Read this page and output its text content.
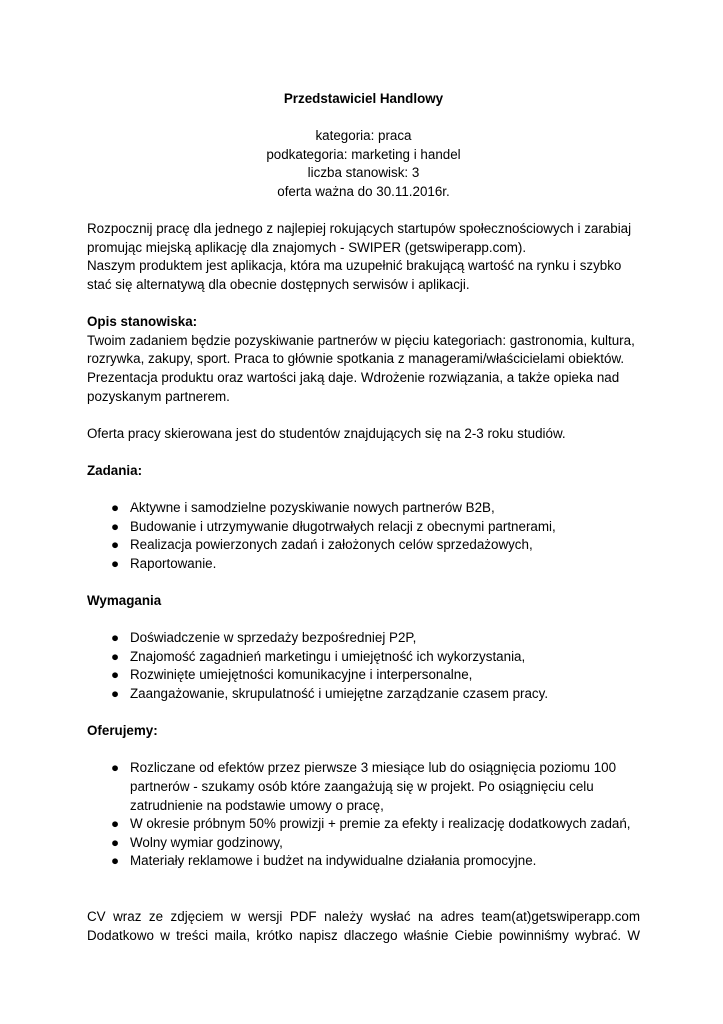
Przedstawiciel Handlowy

kategoria: praca
podkategoria: marketing i handel
liczba stanowisk: 3
oferta ważna do 30.11.2016r.

Rozpocznij pracę dla jednego z najlepiej rokujących startupów społecznościowych i zarabiaj

promując miejską aplikację dla znajomych - SWIPER (getswiperapp.com).

Naszym produktem jest aplikacja, która ma uzupełnić brakującą wartość na rynku i szybko

stać się alternatywą dla obecnie dostępnych serwisów i aplikacji.

Opis stanowiska:

Twoim zadaniem będzie pozyskiwanie partnerów w pięciu kategoriach: gastronomia, kultura,

rozrywka, zakupy, sport. Praca to głównie spotkania z managerami/właścicielami obiektów.

Prezentacja produktu oraz wartości jaką daje. Wdrożenie rozwiązania, a także opieka nad

pozyskanym partnerem.

Oferta pracy skierowana jest do studentów znajdujących się na 2-3 roku studiów.

Zadania:

● Aktywne i samodzielne pozyskiwanie nowych partnerów B2B,
● Budowanie i utrzymywanie długotrwałych relacji z obecnymi partnerami,
● Realizacja powierzonych zadań i założonych celów sprzedażowych,
● Raportowanie.

Wymagania

● Doświadczenie w sprzedaży bezpośredniej P2P,
● Znajomość zagadnień marketingu i umiejętność ich wykorzystania,
● Rozwinięte umiejętności komunikacyjne i interpersonalne,
● Zaangażowanie, skrupulatność i umiejętne zarządzanie czasem pracy.

Oferujemy:

● Rozliczane od efektów przez pierwsze 3 miesiące lub do osiągnięcia poziomu 100
partnerów - szukamy osób które zaangażują się w projekt. Po osiągnięciu celu
zatrudnienie na podstawie umowy o pracę,
● W okresie próbnym 50% prowizji + premie za efekty i realizację dodatkowych zadań,
● Wolny wymiar godzinowy,
● Materiały reklamowe i budżet na indywidualne działania promocyjne.

CV wraz ze zdjęciem w wersji PDF należy wysłać na adres team(at)getswiperapp.com

Dodatkowo w treści maila, krótko napisz dlaczego właśnie Ciebie powinniśmy wybrać. W
